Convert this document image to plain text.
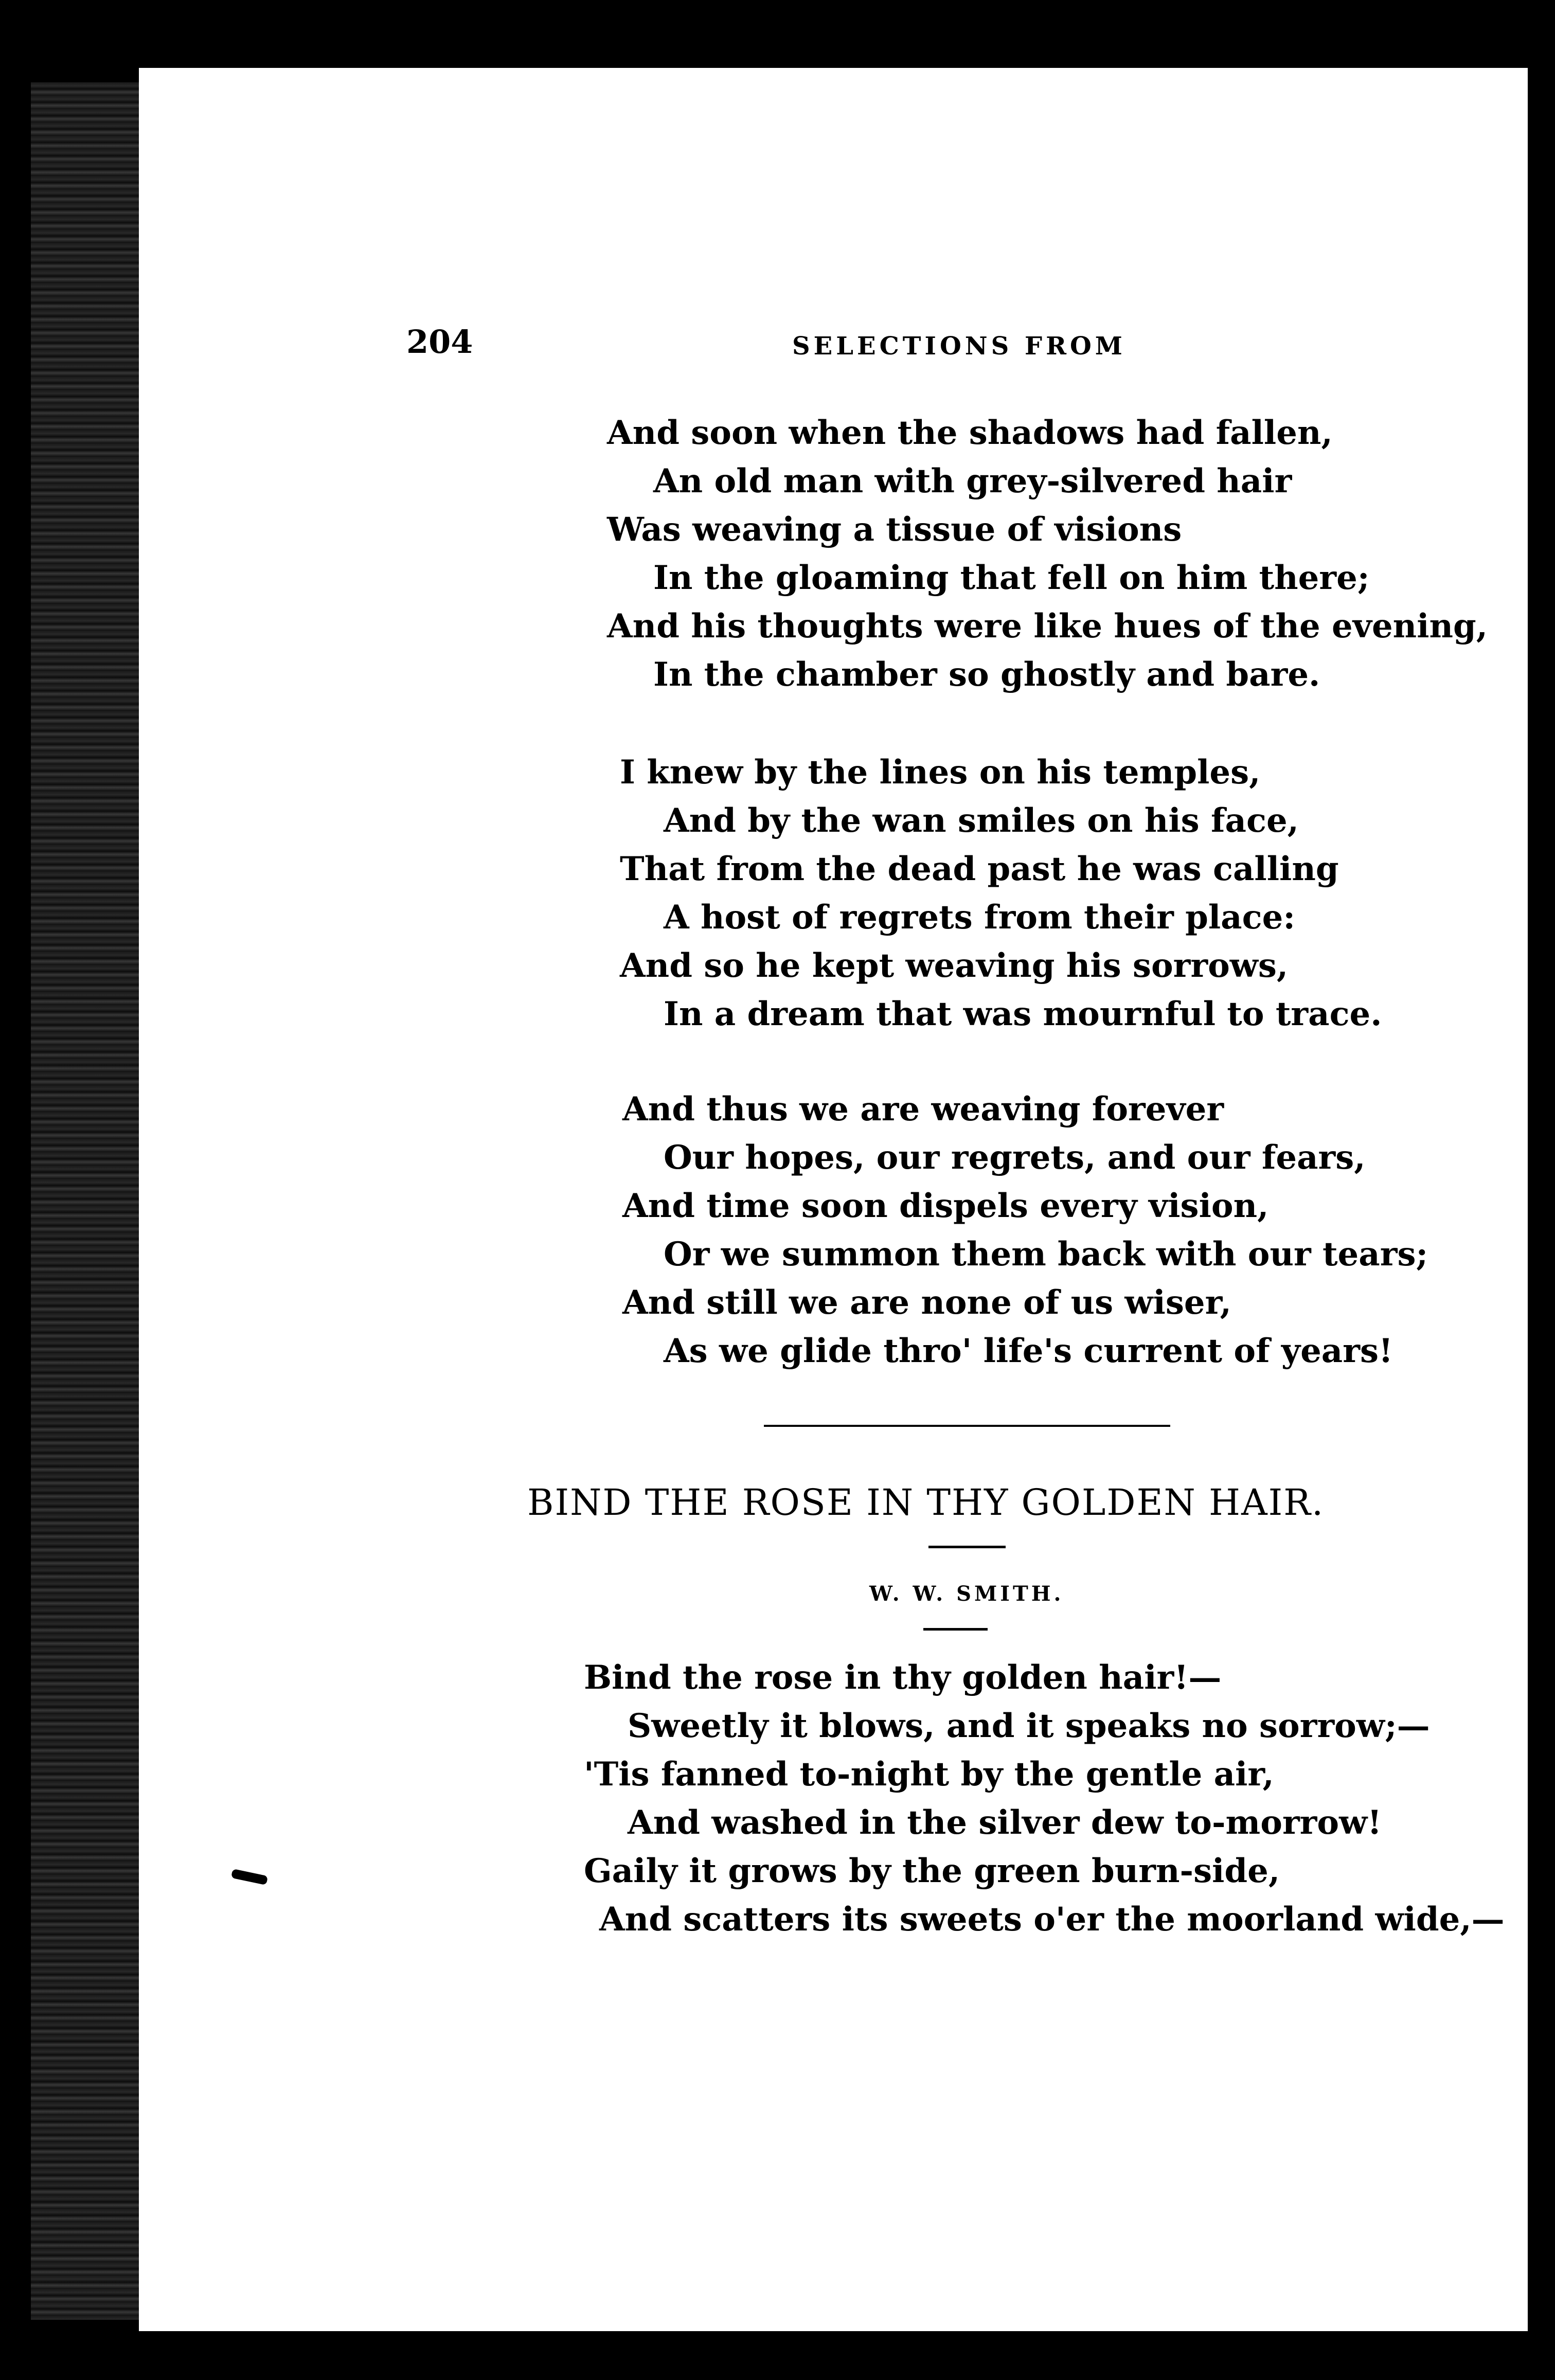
204	SELECTIONS FROM
And soon when the shadows had fallen,
An old man with grey-silvered hair
Was weaving a tissue of visions
In the gloaming that fell on him there;
And his thoughts were like hues of the evening,
In the chamber so ghostly and bare.
I knew by the lines on his temples,
And by the wan smiles on his face,
That from the dead past he was calling
A host of regrets from their place:
And so he kept weaving his sorrows,
In a dream that was mournful to trace.
And thus we are weaving forever
Our hopes, our regrets, and our fears,
And time soon dispels every vision,
Or we summon them back with our tears;
And still we are none of us wiser,
As we glide thro' life's current of years!
BIND THE ROSE IN THY GOLDEN HAIR.
W. W. SMITH.
Bind the rose in thy golden hair!—
Sweetly it blows, and it speaks no sorrow;—
'Tis fanned to-night by the gentle air,
And washed in the silver dew to-morrow!
Gaily it grows by the green burn-side,
And scatters its sweets o'er the moorland wide,—
